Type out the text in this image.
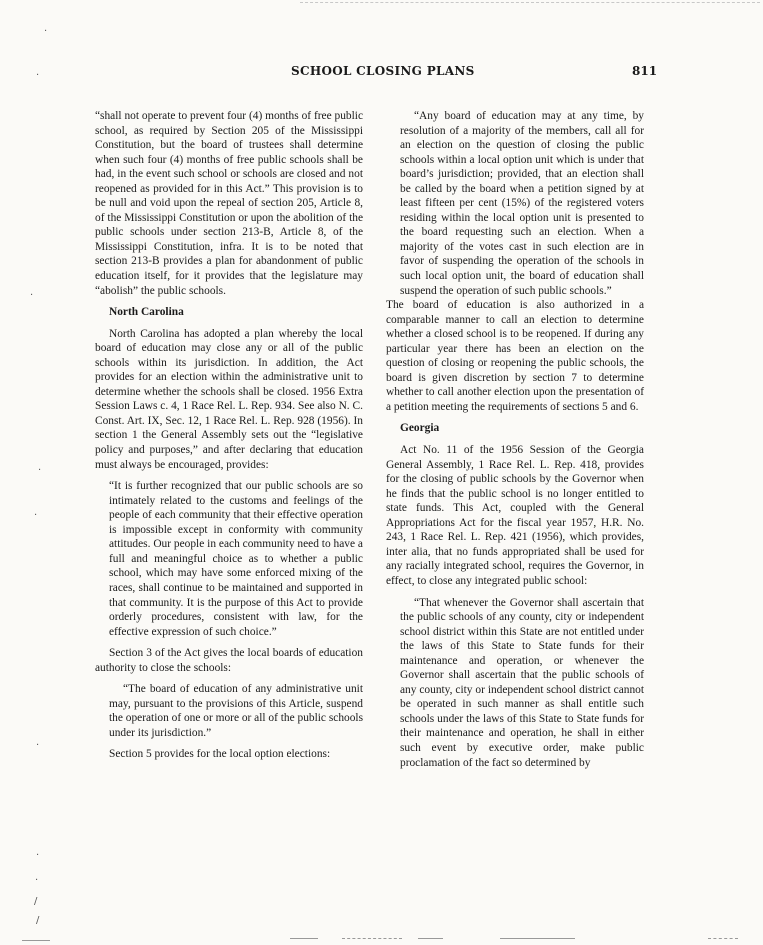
SCHOOL CLOSING PLANS	811

“shall not operate to prevent four (4) months of free public school, as required by Section 205 of the Mississippi Constitution, but the board of trustees shall determine when such four (4) months of free public schools shall be had, in the event such school or schools are closed and not reopened as provided for in this Act.” This provision is to be null and void upon the repeal of section 205, Article 8, of the Mississippi Constitution or upon the abolition of the public schools under section 213-B, Article 8, of the Mississippi Constitution, infra. It is to be noted that section 213-B provides a plan for abandonment of public education itself, for it provides that the legislature may “abolish” the public schools.

North Carolina

North Carolina has adopted a plan whereby the local board of education may close any or all of the public schools within its jurisdiction. In addition, the Act provides for an election within the administrative unit to determine whether the schools shall be closed. 1956 Extra Session Laws c. 4, 1 Race Rel. L. Rep. 934. See also N. C. Const. Art. IX, Sec. 12, 1 Race Rel. L. Rep. 928 (1956). In section 1 the General Assembly sets out the “legislative policy and purposes,” and after declaring that education must always be encouraged, provides:

“It is further recognized that our public schools are so intimately related to the customs and feelings of the people of each community that their effective operation is impossible except in conformity with community attitudes. Our people in each community need to have a full and meaningful choice as to whether a public school, which may have some enforced mixing of the races, shall continue to be maintained and supported in that community. It is the purpose of this Act to provide orderly procedures, consistent with law, for the effective expression of such choice.”

Section 3 of the Act gives the local boards of education authority to close the schools:

“The board of education of any administrative unit may, pursuant to the provisions of this Article, suspend the operation of one or more or all of the public schools under its jurisdiction.”

Section 5 provides for the local option elections:

“Any board of education may at any time, by resolution of a majority of the members, call all for an election on the question of closing the public schools within a local option unit which is under that board’s jurisdiction; provided, that an election shall be called by the board when a petition signed by at least fifteen per cent (15%) of the registered voters residing within the local option unit is presented to the board requesting such an election. When a majority of the votes cast in such election are in favor of suspending the operation of the schools in such local option unit, the board of education shall suspend the operation of such public schools.”

The board of education is also authorized in a comparable manner to call an election to determine whether a closed school is to be reopened. If during any particular year there has been an election on the question of closing or reopening the public schools, the board is given discretion by section 7 to determine whether to call another election upon the presentation of a petition meeting the requirements of sections 5 and 6.

Georgia

Act No. 11 of the 1956 Session of the Georgia General Assembly, 1 Race Rel. L. Rep. 418, provides for the closing of public schools by the Governor when he finds that the public school is no longer entitled to state funds. This Act, coupled with the General Appropriations Act for the fiscal year 1957, H.R. No. 243, 1 Race Rel. L. Rep. 421 (1956), which provides, inter alia, that no funds appropriated shall be used for any racially integrated school, requires the Governor, in effect, to close any integrated public school:

“That whenever the Governor shall ascertain that the public schools of any county, city or independent school district within this State are not entitled under the laws of this State to State funds for their maintenance and operation, or whenever the Governor shall ascertain that the public schools of any county, city or independent school district cannot be operated in such manner as shall entitle such schools under the laws of this State to State funds for their maintenance and operation, he shall in either such event by executive order, make public proclamation of the fact so determined by

·
·
·
·
·
·
·
·
/
/
